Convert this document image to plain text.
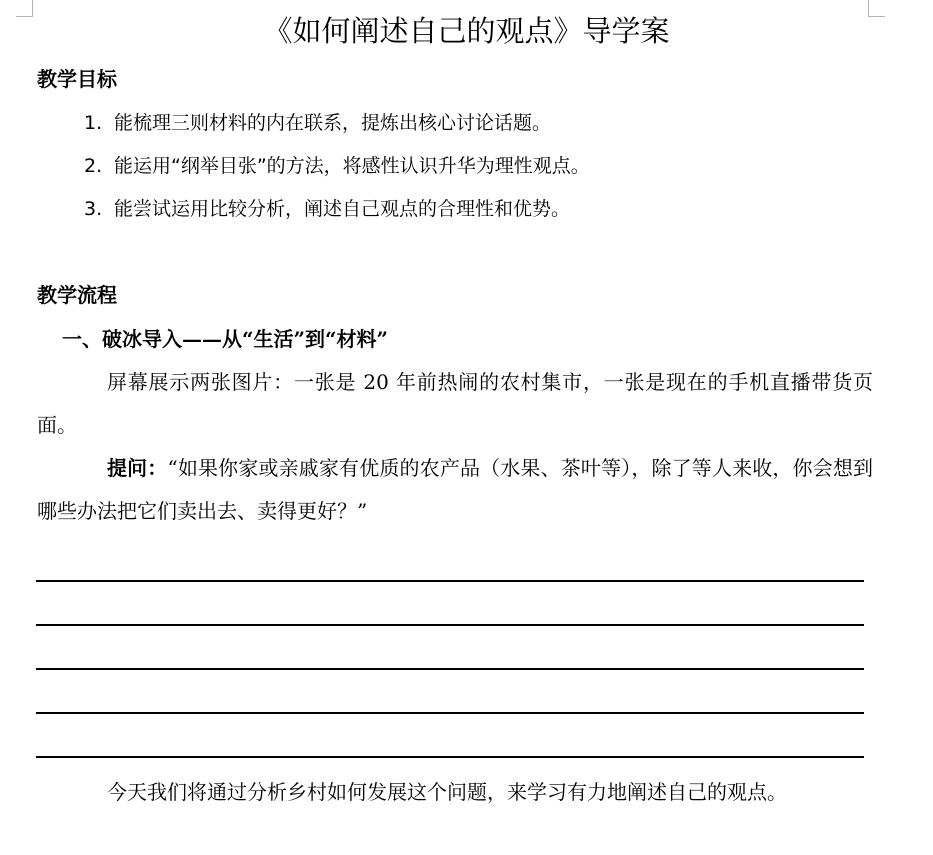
《如何阐述自己的观点》导学案
教学目标
1. 能梳理三则材料的内在联系，提炼出核心讨论话题。
2. 能运用“纲举目张”的方法，将感性认识升华为理性观点。
3. 能尝试运用比较分析，阐述自己观点的合理性和优势。
教学流程
一、破冰导入——从“生活”到“材料”

屏幕展示两张图片：一张是 20 年前热闹的农村集市，一张是现在的手机直播带货页面。

提问：“如果你家或亲戚家有优质的农产品（水果、茶叶等），除了等人来收，你会想到哪些办法把它们卖出去、卖得更好？”

今天我们将通过分析乡村如何发展这个问题，来学习有力地阐述自己的观点。
